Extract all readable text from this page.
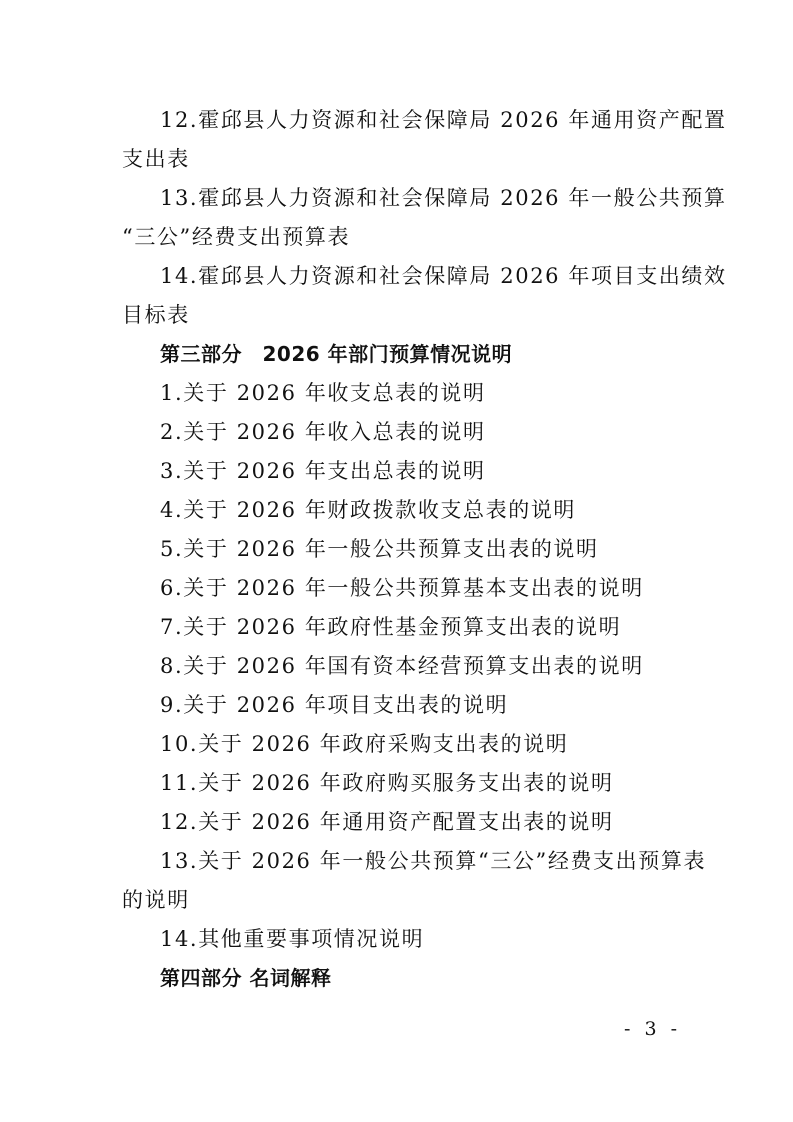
12.霍邱县人力资源和社会保障局 2026 年通用资产配置
支出表
13.霍邱县人力资源和社会保障局 2026 年一般公共预算
“三公”经费支出预算表
14.霍邱县人力资源和社会保障局 2026 年项目支出绩效
目标表
第三部分　2026 年部门预算情况说明
1.关于 2026 年收支总表的说明
2.关于 2026 年收入总表的说明
3.关于 2026 年支出总表的说明
4.关于 2026 年财政拨款收支总表的说明
5.关于 2026 年一般公共预算支出表的说明
6.关于 2026 年一般公共预算基本支出表的说明
7.关于 2026 年政府性基金预算支出表的说明
8.关于 2026 年国有资本经营预算支出表的说明
9.关于 2026 年项目支出表的说明
10.关于 2026 年政府采购支出表的说明
11.关于 2026 年政府购买服务支出表的说明
12.关于 2026 年通用资产配置支出表的说明
13.关于 2026 年一般公共预算“三公”经费支出预算表
的说明
14.其他重要事项情况说明
第四部分 名词解释
- 3 -
